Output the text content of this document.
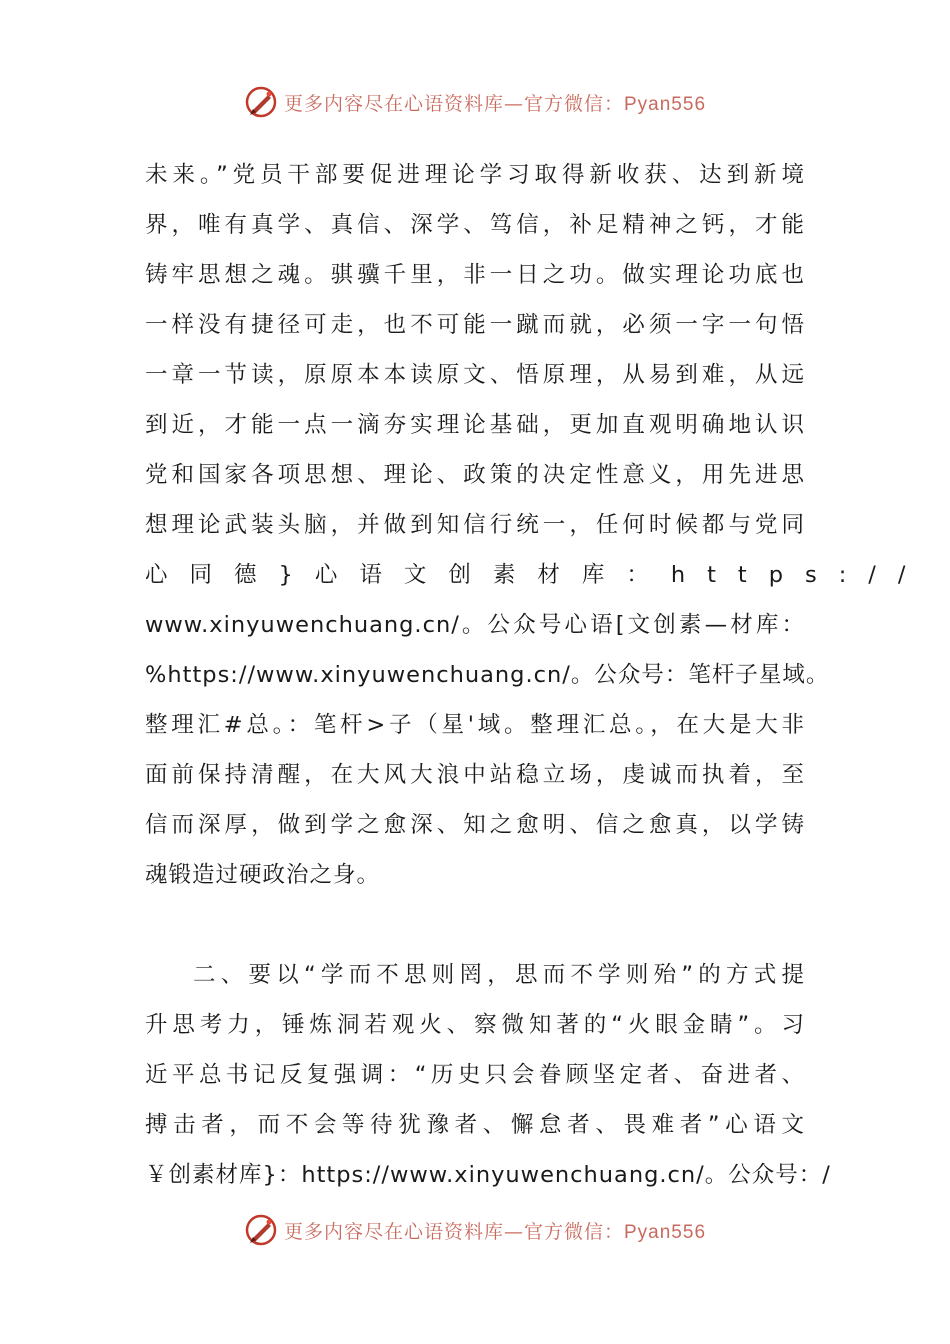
更多内容尽在心语资料库—官方微信：Pyan556
未来。”党员干部要促进理论学习取得新收获、达到新境
界，唯有真学、真信、深学、笃信，补足精神之钙，才能
铸牢思想之魂。骐骥千里，非一日之功。做实理论功底也
一样没有捷径可走，也不可能一蹴而就，必须一字一句悟
一章一节读，原原本本读原文、悟原理，从易到难，从远
到近，才能一点一滴夯实理论基础，更加直观明确地认识
党和国家各项思想、理论、政策的决定性意义，用先进思
想理论武装头脑，并做到知信行统一，任何时候都与党同
心同德}心语文创素材库：https://
www.xinyuwenchuang.cn/。公众号心语[文创素—材库：
%https://www.xinyuwenchuang.cn/。公众号：笔杆子星域。
整理汇#总。：笔杆>子（星'域。整理汇总。，在大是大非
面前保持清醒，在大风大浪中站稳立场，虔诚而执着，至
信而深厚，做到学之愈深、知之愈明、信之愈真，以学铸
魂锻造过硬政治之身。
二、要以“学而不思则罔，思而不学则殆”的方式提
升思考力，锤炼洞若观火、察微知著的“火眼金睛”。习
近平总书记反复强调：“历史只会眷顾坚定者、奋进者、
搏击者，而不会等待犹豫者、懈怠者、畏难者”心语文
￥创素材库}：https://www.xinyuwenchuang.cn/。公众号：/
更多内容尽在心语资料库—官方微信：Pyan556
